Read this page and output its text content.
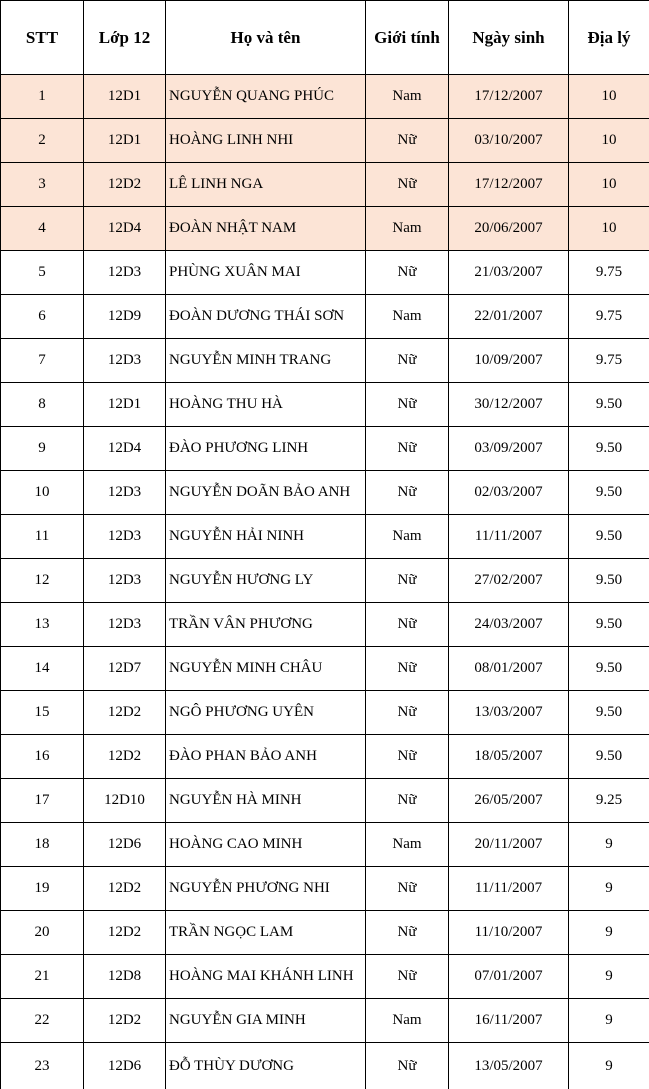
STT	Lớp 12	Họ và tên	Giới tính	Ngày sinh	Địa lý
1	12D1	NGUYỄN QUANG PHÚC	Nam	17/12/2007	10
2	12D1	HOÀNG LINH NHI	Nữ	03/10/2007	10
3	12D2	LÊ LINH NGA	Nữ	17/12/2007	10
4	12D4	ĐOÀN NHẬT NAM	Nam	20/06/2007	10
5	12D3	PHÙNG XUÂN MAI	Nữ	21/03/2007	9.75
6	12D9	ĐOÀN DƯƠNG THÁI SƠN	Nam	22/01/2007	9.75
7	12D3	NGUYỄN MINH TRANG	Nữ	10/09/2007	9.75
8	12D1	HOÀNG THU HÀ	Nữ	30/12/2007	9.50
9	12D4	ĐÀO PHƯƠNG LINH	Nữ	03/09/2007	9.50
10	12D3	NGUYỄN DOÃN BẢO ANH	Nữ	02/03/2007	9.50
11	12D3	NGUYỄN HẢI NINH	Nam	11/11/2007	9.50
12	12D3	NGUYỄN HƯƠNG LY	Nữ	27/02/2007	9.50
13	12D3	TRẦN VÂN PHƯƠNG	Nữ	24/03/2007	9.50
14	12D7	NGUYỄN MINH CHÂU	Nữ	08/01/2007	9.50
15	12D2	NGÔ PHƯƠNG UYÊN	Nữ	13/03/2007	9.50
16	12D2	ĐÀO PHAN BẢO ANH	Nữ	18/05/2007	9.50
17	12D10	NGUYỄN HÀ MINH	Nữ	26/05/2007	9.25
18	12D6	HOÀNG CAO MINH	Nam	20/11/2007	9
19	12D2	NGUYỄN PHƯƠNG NHI	Nữ	11/11/2007	9
20	12D2	TRẦN NGỌC LAM	Nữ	11/10/2007	9
21	12D8	HOÀNG MAI KHÁNH LINH	Nữ	07/01/2007	9
22	12D2	NGUYỄN GIA MINH	Nam	16/11/2007	9
23	12D6	ĐỖ THÙY DƯƠNG	Nữ	13/05/2007	9
